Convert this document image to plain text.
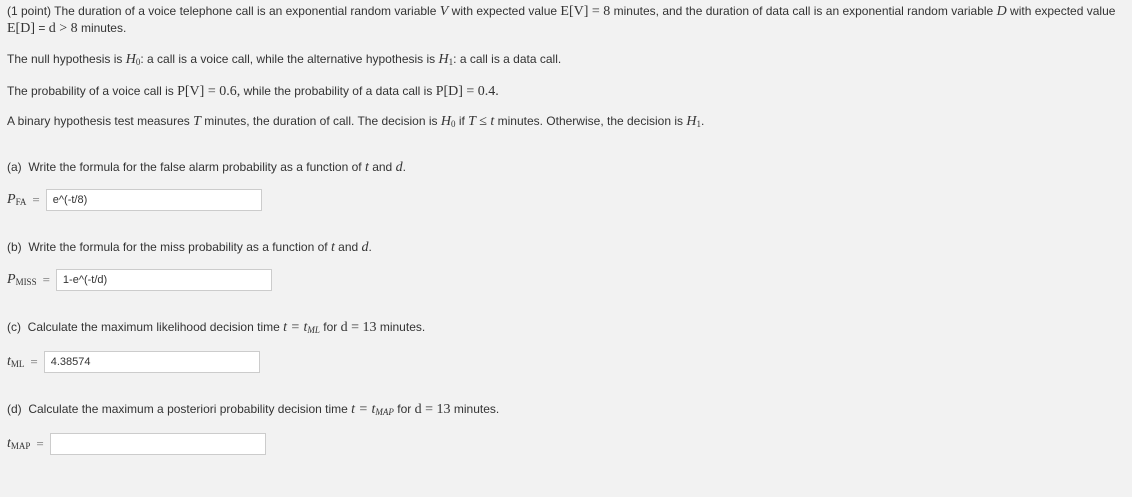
(1 point) The duration of a voice telephone call is an exponential random variable V with expected value E[V] = 8 minutes, and the duration of data call is an exponential random variable D with expected value
E[D] = d > 8 minutes.

The null hypothesis is $H_0$: a call is a voice call, while the alternative hypothesis is $H_1$: a call is a data call.

The probability of a voice call is P[V] = 0.6, while the probability of a data call is P[D] = 0.4.

A binary hypothesis test measures T minutes, the duration of call. The decision is $H_0$ if T ≤ t minutes. Otherwise, the decision is $H_1$.

(a) Write the formula for the false alarm probability as a function of t and d.

$P_{FA}$ =
e^(-t/8)

(b) Write the formula for the miss probability as a function of t and d.

$P_{MISS}$ =
1-e^(-t/d)

(c) Calculate the maximum likelihood decision time $t = t_{ML}$ for d = 13 minutes.

$t_{ML}$ =
4.38574

(d) Calculate the maximum a posteriori probability decision time $t = t_{MAP}$ for d = 13 minutes.

$t_{MAP}$ =
